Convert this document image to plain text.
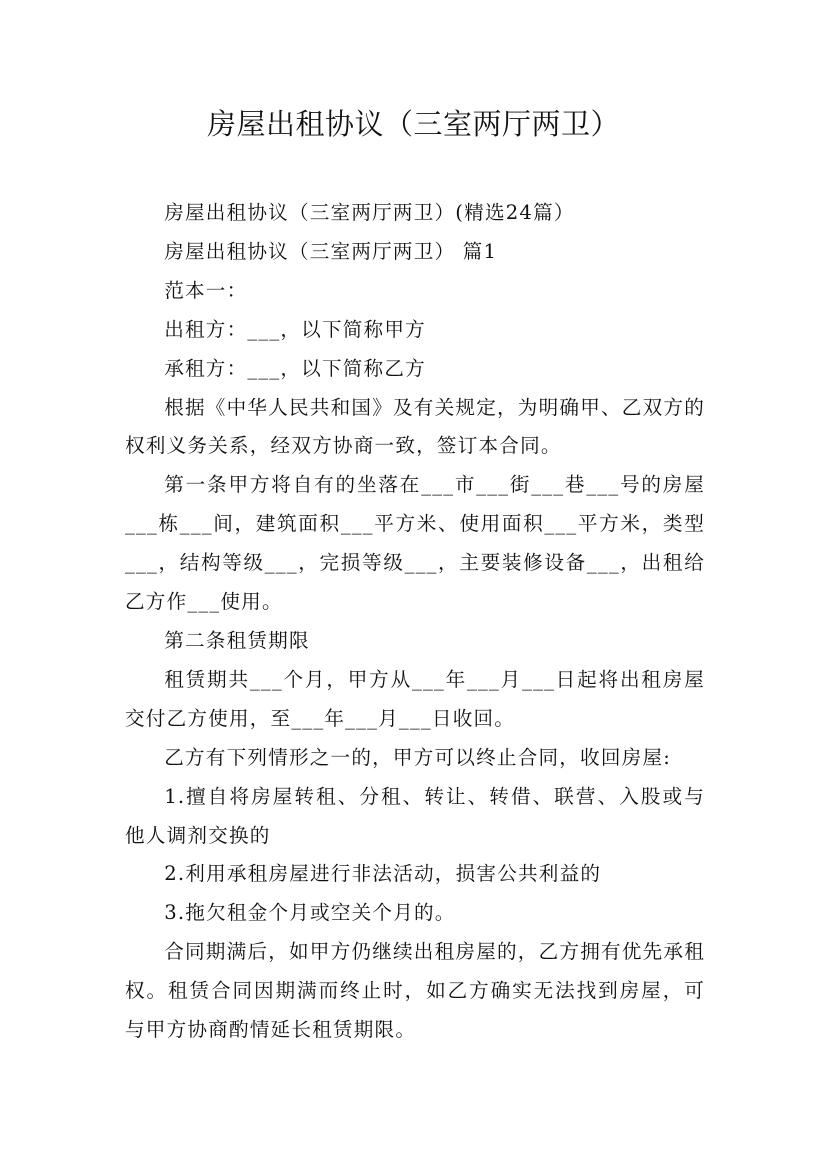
房屋出租协议（三室两厅两卫）

房屋出租协议（三室两厅两卫）(精选24篇）

房屋出租协议（三室两厅两卫） 篇1

范本一：

出租方：___，以下简称甲方

承租方：___，以下简称乙方

根据《中华人民共和国》及有关规定，为明确甲、乙双方的权利义务关系，经双方协商一致，签订本合同。

第一条甲方将自有的坐落在___市___街___巷___号的房屋___栋___间，建筑面积___平方米、使用面积___平方米，类型___，结构等级___，完损等级___，主要装修设备___，出租给乙方作___使用。

第二条租赁期限

租赁期共___个月，甲方从___年___月___日起将出租房屋交付乙方使用，至___年___月___日收回。

乙方有下列情形之一的，甲方可以终止合同，收回房屋:

1.擅自将房屋转租、分租、转让、转借、联营、入股或与他人调剂交换的

2.利用承租房屋进行非法活动，损害公共利益的

3.拖欠租金个月或空关个月的。

合同期满后，如甲方仍继续出租房屋的，乙方拥有优先承租权。租赁合同因期满而终止时，如乙方确实无法找到房屋，可与甲方协商酌情延长租赁期限。
